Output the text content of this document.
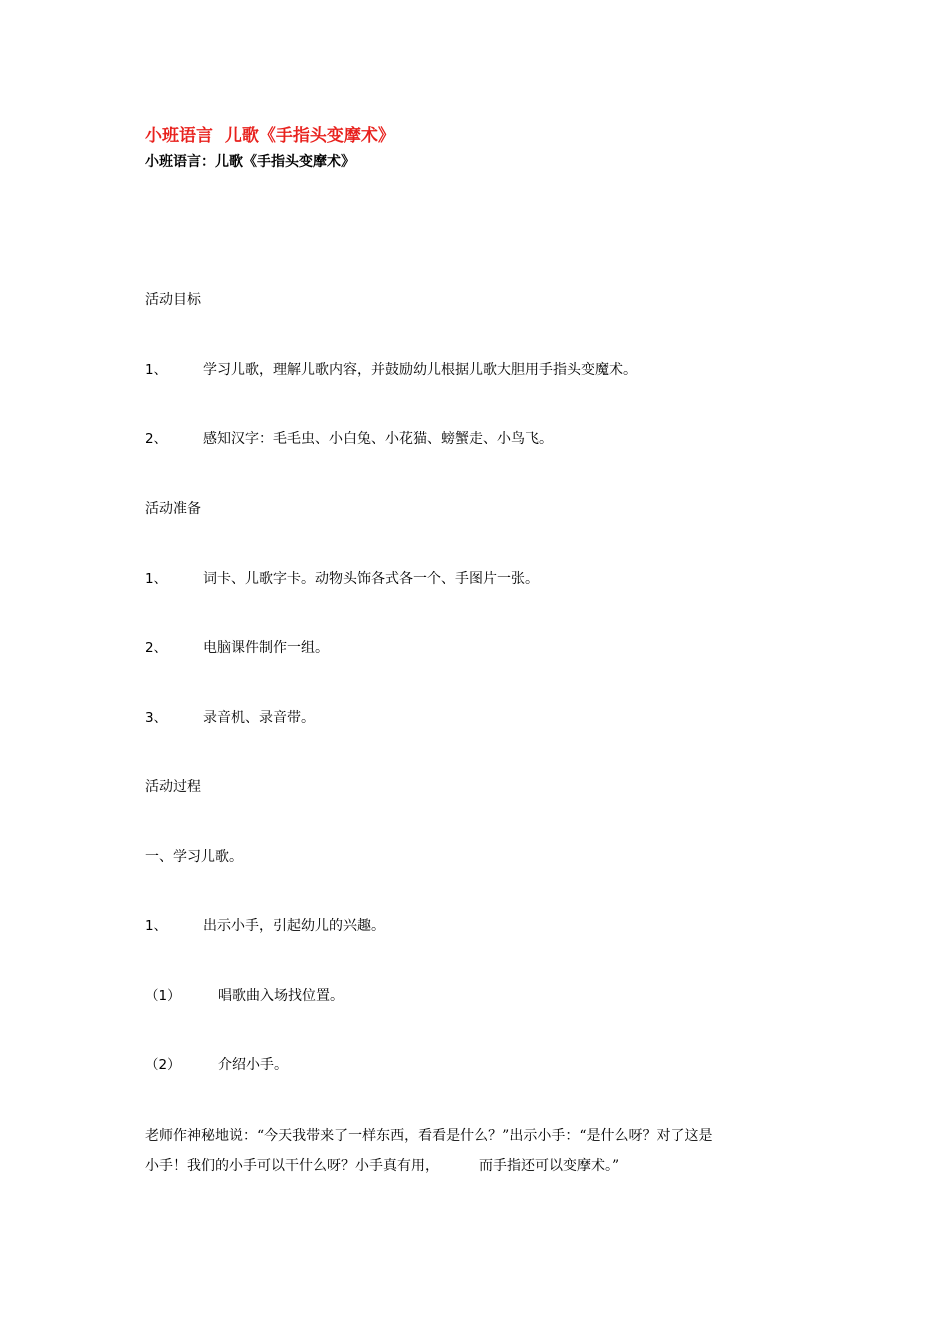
小班语言  儿歌《手指头变摩术》
小班语言：儿歌《手指头变摩术》
活动目标
1、	学习儿歌，理解儿歌内容，并鼓励幼儿根据儿歌大胆用手指头变魔术。
2、	感知汉字：毛毛虫、小白兔、小花猫、螃蟹走、小鸟飞。
活动准备
1、	词卡、儿歌字卡。动物头饰各式各一个、手图片一张。
2、	电脑课件制作一组。
3、	录音机、录音带。
活动过程
一、学习儿歌。
1、	出示小手，引起幼儿的兴趣。
（1）	唱歌曲入场找位置。
（2）	介绍小手。
老师作神秘地说：“今天我带来了一样东西，看看是什么？”出示小手：“是什么呀？对了这是
小手！我们的小手可以干什么呀？小手真有用，	而手指还可以变摩术。”
